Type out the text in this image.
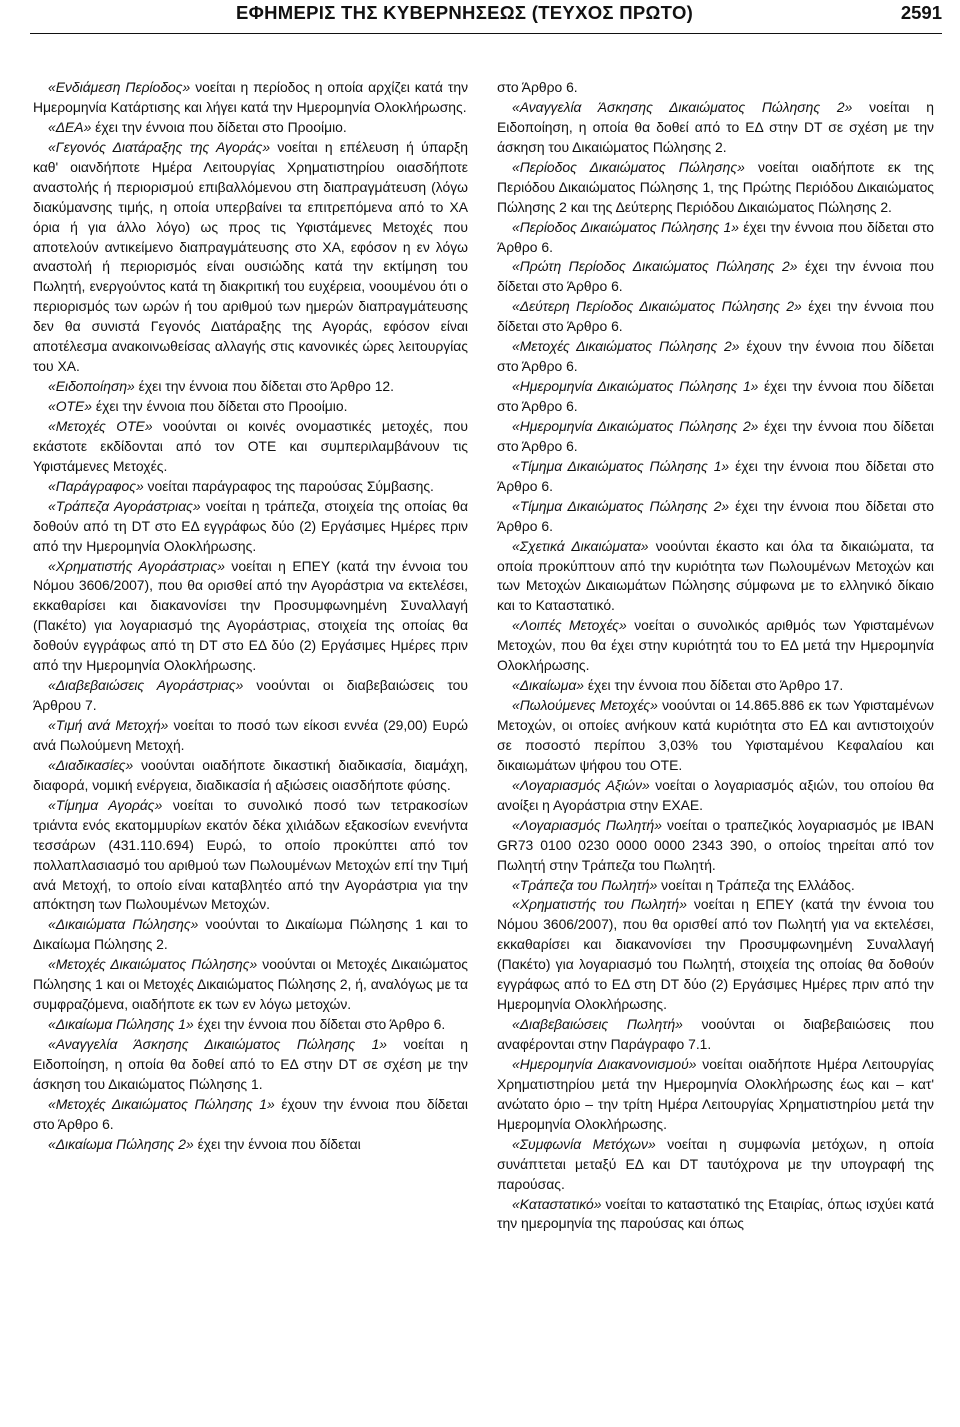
ΕΦΗΜΕΡΙΣ ΤΗΣ ΚΥΒΕΡΝΗΣΕΩΣ (ΤΕΥΧΟΣ ΠΡΩΤΟ)	2591

«Ενδιάμεση Περίοδος» νοείται η περίοδος η οποία αρχίζει κατά την Ημερομηνία Κατάρτισης και λήγει κατά την Ημερομηνία Ολοκλήρωσης.

«ΔΕΑ» έχει την έννοια που δίδεται στο Προοίμιο.

«Γεγονός Διατάραξης της Αγοράς» νοείται η επέλευση ή ύπαρξη καθ' οιανδήποτε Ημέρα Λειτουργίας Χρηματιστηρίου οιασδήποτε αναστολής ή περιορισμού επιβαλλόμενου στη διαπραγμάτευση (λόγω διακύμανσης τιμής, η οποία υπερβαίνει τα επιτρεπόμενα από το ΧΑ όρια ή για άλλο λόγο) ως προς τις Υφιστάμενες Μετοχές που αποτελούν αντικείμενο διαπραγμάτευσης στο ΧΑ, εφόσον η εν λόγω αναστολή ή περιορισμός είναι ουσιώδης κατά την εκτίμηση του Πωλητή, ενεργούντος κατά τη διακριτική του ευχέρεια, νοουμένου ότι ο περιορισμός των ωρών ή του αριθμού των ημερών διαπραγμάτευσης δεν θα συνιστά Γεγονός Διατάραξης της Αγοράς, εφόσον είναι αποτέλεσμα ανακοινωθείσας αλλαγής στις κανονικές ώρες λειτουργίας του ΧΑ.

«Ειδοποίηση» έχει την έννοια που δίδεται στο Άρθρο 12.

«ΟΤΕ» έχει την έννοια που δίδεται στο Προοίμιο.

«Μετοχές ΟΤΕ» νοούνται οι κοινές ονομαστικές μετοχές, που εκάστοτε εκδίδονται από τον ΟΤΕ και συμπεριλαμβάνουν τις Υφιστάμενες Μετοχές.

«Παράγραφος» νοείται παράγραφος της παρούσας Σύμβασης.

«Τράπεζα Αγοράστριας» νοείται η τράπεζα, στοιχεία της οποίας θα δοθούν από τη DT στο ΕΔ εγγράφως δύο (2) Εργάσιμες Ημέρες πριν από την Ημερομηνία Ολοκλήρωσης.

«Χρηματιστής Αγοράστριας» νοείται η ΕΠΕΥ (κατά την έννοια του Νόμου 3606/2007), που θα ορισθεί από την Αγοράστρια να εκτελέσει, εκκαθαρίσει και διακανονίσει την Προσυμφωνημένη Συναλλαγή (Πακέτο) για λογαριασμό της Αγοράστριας, στοιχεία της οποίας θα δοθούν εγγράφως από τη DT στο ΕΔ δύο (2) Εργάσιμες Ημέρες πριν από την Ημερομηνία Ολοκλήρωσης.

«Διαβεβαιώσεις Αγοράστριας» νοούνται οι διαβεβαιώσεις του Άρθρου 7.

«Τιμή ανά Μετοχή» νοείται το ποσό των είκοσι εννέα (29,00) Ευρώ ανά Πωλούμενη Μετοχή.

«Διαδικασίες» νοούνται οιαδήποτε δικαστική διαδικασία, διαμάχη, διαφορά, νομική ενέργεια, διαδικασία ή αξιώσεις οιασδήποτε φύσης.

«Τίμημα Αγοράς» νοείται το συνολικό ποσό των τετρακοσίων τριάντα ενός εκατομμυρίων εκατόν δέκα χιλιάδων εξακοσίων ενενήντα τεσσάρων (431.110.694) Ευρώ, το οποίο προκύπτει από τον πολλαπλασιασμό του αριθμού των Πωλουμένων Μετοχών επί την Τιμή ανά Μετοχή, το οποίο είναι καταβλητέο από την Αγοράστρια για την απόκτηση των Πωλουμένων Μετοχών.

«Δικαιώματα Πώλησης» νοούνται το Δικαίωμα Πώλησης 1 και το Δικαίωμα Πώλησης 2.

«Μετοχές Δικαιώματος Πώλησης» νοούνται οι Μετοχές Δικαιώματος Πώλησης 1 και οι Μετοχές Δικαιώματος Πώλησης 2, ή, αναλόγως με τα συμφραζόμενα, οιαδήποτε εκ των εν λόγω μετοχών.

«Δικαίωμα Πώλησης 1» έχει την έννοια που δίδεται στο Άρθρο 6.

«Αναγγελία Άσκησης Δικαιώματος Πώλησης 1» νοείται η Ειδοποίηση, η οποία θα δοθεί από το ΕΔ στην DT σε σχέση με την άσκηση του Δικαιώματος Πώλησης 1.

«Μετοχές Δικαιώματος Πώλησης 1» έχουν την έννοια που δίδεται στο Άρθρο 6.

«Δικαίωμα Πώλησης 2» έχει την έννοια που δίδεται

στο Άρθρο 6.

«Αναγγελία Άσκησης Δικαιώματος Πώλησης 2» νοείται η Ειδοποίηση, η οποία θα δοθεί από το ΕΔ στην DT σε σχέση με την άσκηση του Δικαιώματος Πώλησης 2.

«Περίοδος Δικαιώματος Πώλησης» νοείται οιαδήποτε εκ της Περιόδου Δικαιώματος Πώλησης 1, της Πρώτης Περιόδου Δικαιώματος Πώλησης 2 και της Δεύτερης Περιόδου Δικαιώματος Πώλησης 2.

«Περίοδος Δικαιώματος Πώλησης 1» έχει την έννοια που δίδεται στο Άρθρο 6.

«Πρώτη Περίοδος Δικαιώματος Πώλησης 2» έχει την έννοια που δίδεται στο Άρθρο 6.

«Δεύτερη Περίοδος Δικαιώματος Πώλησης 2» έχει την έννοια που δίδεται στο Άρθρο 6.

«Μετοχές Δικαιώματος Πώλησης 2» έχουν την έννοια που δίδεται στο Άρθρο 6.

«Ημερομηνία Δικαιώματος Πώλησης 1» έχει την έννοια που δίδεται στο Άρθρο 6.

«Ημερομηνία Δικαιώματος Πώλησης 2» έχει την έννοια που δίδεται στο Άρθρο 6.

«Τίμημα Δικαιώματος Πώλησης 1» έχει την έννοια που δίδεται στο Άρθρο 6.

«Τίμημα Δικαιώματος Πώλησης 2» έχει την έννοια που δίδεται στο Άρθρο 6.

«Σχετικά Δικαιώματα» νοούνται έκαστο και όλα τα δικαιώματα, τα οποία προκύπτουν από την κυριότητα των Πωλουμένων Μετοχών και των Μετοχών Δικαιωμάτων Πώλησης σύμφωνα με το ελληνικό δίκαιο και το Καταστατικό.

«Λοιπές Μετοχές» νοείται ο συνολικός αριθμός των Υφισταμένων Μετοχών, που θα έχει στην κυριότητά του το ΕΔ μετά την Ημερομηνία Ολοκλήρωσης.

«Δικαίωμα» έχει την έννοια που δίδεται στο Άρθρο 17.

«Πωλούμενες Μετοχές» νοούνται οι 14.865.886 εκ των Υφισταμένων Μετοχών, οι οποίες ανήκουν κατά κυριότητα στο ΕΔ και αντιστοιχούν σε ποσοστό περίπου 3,03% του Υφισταμένου Κεφαλαίου και δικαιωμάτων ψήφου του ΟΤΕ.

«Λογαριασμός Αξιών» νοείται ο λογαριασμός αξιών, του οποίου θα ανοίξει η Αγοράστρια στην ΕΧΑΕ.

«Λογαριασμός Πωλητή» νοείται ο τραπεζικός λογαριασμός με IBAN GR73 0100 0230 0000 0000 2343 390, ο οποίος τηρείται από τον Πωλητή στην Τράπεζα του Πωλητή.

«Τράπεζα του Πωλητή» νοείται η Τράπεζα της Ελλάδος.

«Χρηματιστής του Πωλητή» νοείται η ΕΠΕΥ (κατά την έννοια του Νόμου 3606/2007), που θα ορισθεί από τον Πωλητή για να εκτελέσει, εκκαθαρίσει και διακανονίσει την Προσυμφωνημένη Συναλλαγή (Πακέτο) για λογαριασμό του Πωλητή, στοιχεία της οποίας θα δοθούν εγγράφως από το ΕΔ στη DT δύο (2) Εργάσιμες Ημέρες πριν από την Ημερομηνία Ολοκλήρωσης.

«Διαβεβαιώσεις Πωλητή» νοούνται οι διαβεβαιώσεις που αναφέρονται στην Παράγραφο 7.1.

«Ημερομηνία Διακανονισμού» νοείται οιαδήποτε Ημέρα Λειτουργίας Χρηματιστηρίου μετά την Ημερομηνία Ολοκλήρωσης έως και – κατ' ανώτατο όριο – την τρίτη Ημέρα Λειτουργίας Χρηματιστηρίου μετά την Ημερομηνία Ολοκλήρωσης.

«Συμφωνία Μετόχων» νοείται η συμφωνία μετόχων, η οποία συνάπτεται μεταξύ ΕΔ και DT ταυτόχρονα με την υπογραφή της παρούσας.

«Καταστατικό» νοείται το καταστατικό της Εταιρίας, όπως ισχύει κατά την ημερομηνία της παρούσας και όπως
